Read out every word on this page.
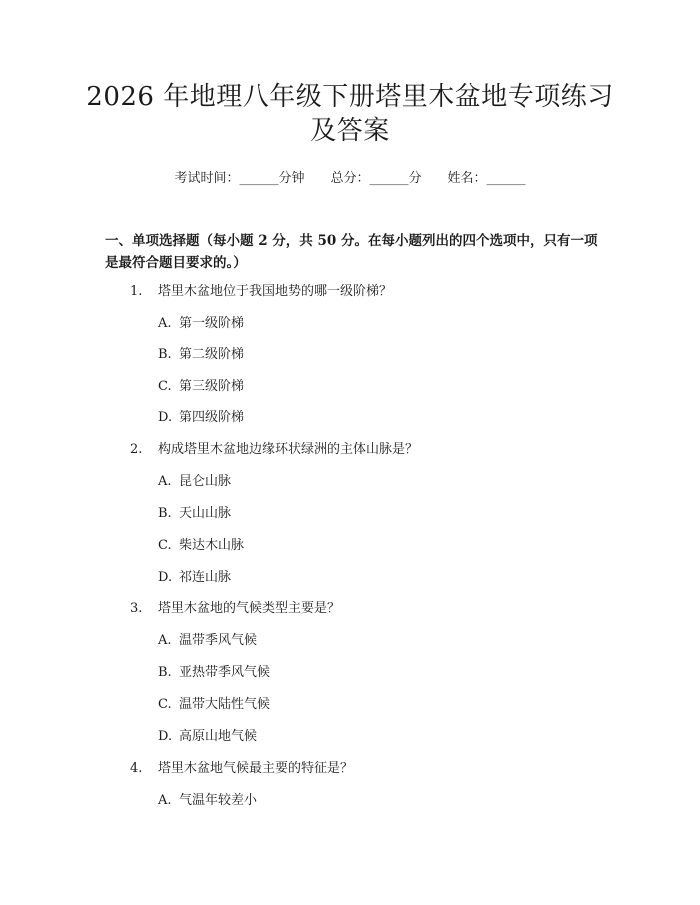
2026 年地理八年级下册塔里木盆地专项练习
及答案
考试时间：______分钟 总分：______分 姓名：______

一、单项选择题（每小题 2 分，共 50 分。在每小题列出的四个选项中，只有一项
是最符合题目要求的。）

1. 塔里木盆地位于我国地势的哪一级阶梯？
A. 第一级阶梯
B. 第二级阶梯
C. 第三级阶梯
D. 第四级阶梯
2. 构成塔里木盆地边缘环状绿洲的主体山脉是？
A. 昆仑山脉
B. 天山山脉
C. 柴达木山脉
D. 祁连山脉
3. 塔里木盆地的气候类型主要是？
A. 温带季风气候
B. 亚热带季风气候
C. 温带大陆性气候
D. 高原山地气候
4. 塔里木盆地气候最主要的特征是？
A. 气温年较差小
